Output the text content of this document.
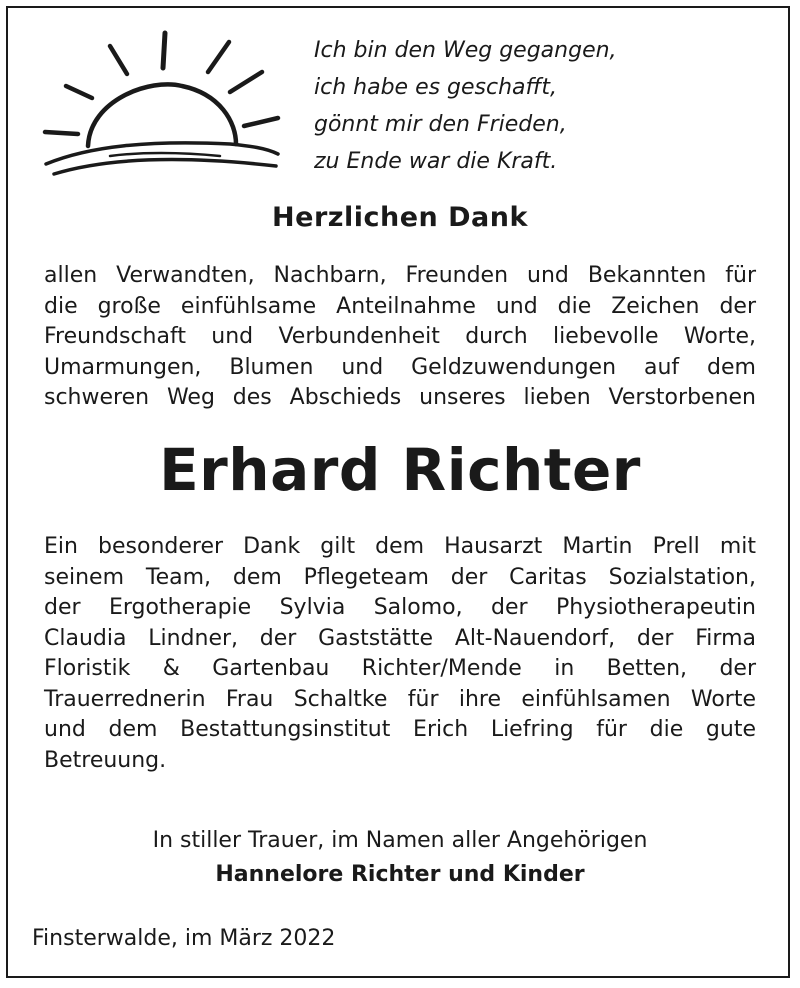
Ich bin den Weg gegangen,
ich habe es geschafft,
gönnt mir den Frieden,
zu Ende war die Kraft.
Herzlichen Dank
allen Verwandten, Nachbarn, Freunden und Bekannten für
die große einfühlsame Anteilnahme und die Zeichen der
Freundschaft und Verbundenheit durch liebevolle Worte,
Umarmungen, Blumen und Geldzuwendungen auf dem
schweren Weg des Abschieds unseres lieben Verstorbenen
Erhard Richter
Ein besonderer Dank gilt dem Hausarzt Martin Prell mit
seinem Team, dem Pflegeteam der Caritas Sozialstation,
der Ergotherapie Sylvia Salomo, der Physiotherapeutin
Claudia Lindner, der Gaststätte Alt-Nauendorf, der Firma
Floristik & Gartenbau Richter/Mende in Betten, der
Trauerrednerin Frau Schaltke für ihre einfühlsamen Worte
und dem Bestattungsinstitut Erich Liefring für die gute
Betreuung.
In stiller Trauer, im Namen aller Angehörigen
Hannelore Richter und Kinder
Finsterwalde, im März 2022
